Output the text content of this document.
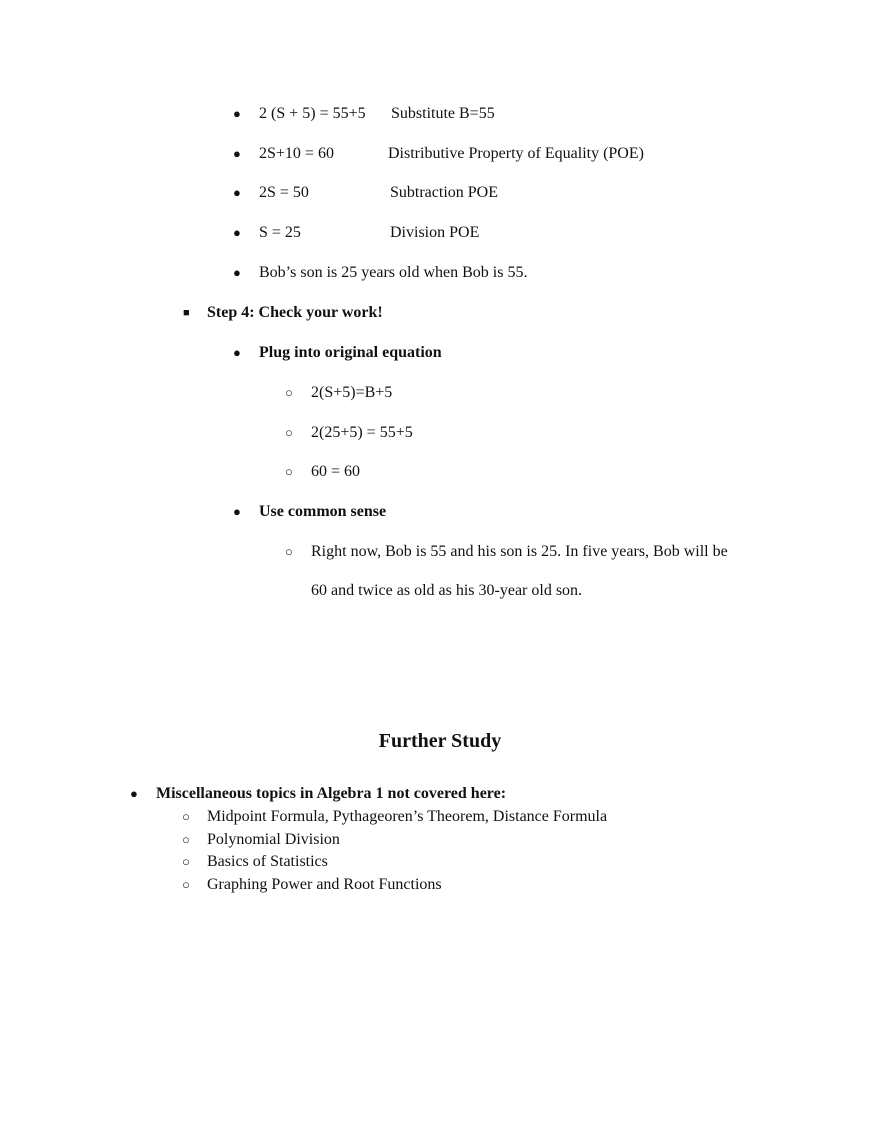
● 2 (S + 5) = 55+5 Substitute B=55
● 2S+10 = 60	Distributive Property of Equality (POE)
● 2S = 50	Subtraction POE
● S = 25	Division POE
● Bob’s son is 25 years old when Bob is 55.
■ Step 4: Check your work!
● Plug into original equation
○ 2(S+5)=B+5
○ 2(25+5) = 55+5
○ 60 = 60
● Use common sense
○ Right now, Bob is 55 and his son is 25. In five years, Bob will be
60 and twice as old as his 30-year old son.
Further Study
● Miscellaneous topics in Algebra 1 not covered here:
○ Midpoint Formula, Pythageoren’s Theorem, Distance Formula
○ Polynomial Division
○ Basics of Statistics
○ Graphing Power and Root Functions
